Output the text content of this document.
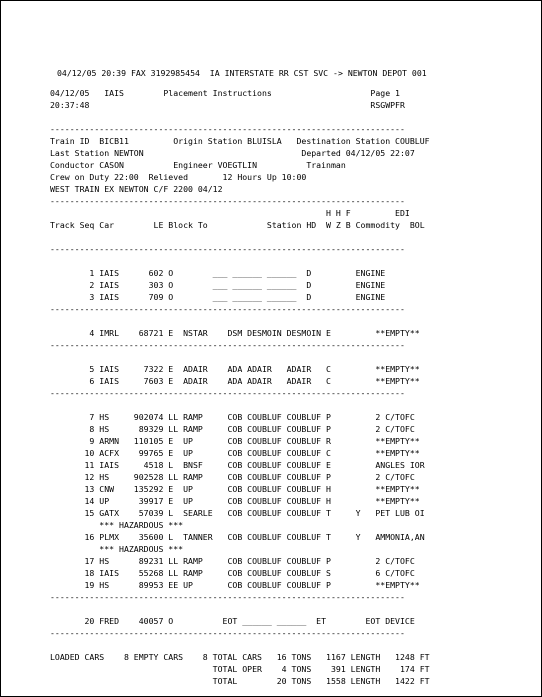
04/12/05 20:39 FAX 3192985454  IA INTERSTATE RR CST SVC -> NEWTON DEPOT 001
04/12/05   IAIS        Placement Instructions                    Page 1
20:37:48                                                         RSGWPFR
------------------------------------------------------------------------
Train ID  BICB11         Origin Station BLUISLA   Destination Station COUBLUF
Last Station NEWTON                                Departed 04/12/05 22:07
Conductor CASON          Engineer VOEGTLIN          Trainman
Crew on Duty 22:00  Relieved       12 Hours Up 10:00
WEST TRAIN EX NEWTON C/F 2200 04/12
------------------------------------------------------------------------
H H F         EDI
Track Seq Car        LE Block To            Station HD  W Z B Commodity  BOL
------------------------------------------------------------------------
1 IAIS      602 O        ___ ______ ______  D         ENGINE
2 IAIS      303 O        ___ ______ ______  D         ENGINE
3 IAIS      709 O        ___ ______ ______  D         ENGINE
------------------------------------------------------------------------
4 IMRL    68721 E  NSTAR    DSM DESMOIN DESMOIN E         **EMPTY**
------------------------------------------------------------------------
5 IAIS     7322 E  ADAIR    ADA ADAIR   ADAIR   C         **EMPTY**
6 IAIS     7603 E  ADAIR    ADA ADAIR   ADAIR   C         **EMPTY**
------------------------------------------------------------------------
7 HS     902074 LL RAMP     COB COUBLUF COUBLUF P         2 C/TOFC
8 HS      89329 LL RAMP     COB COUBLUF COUBLUF P         2 C/TOFC
9 ARMN   110105 E  UP       COB COUBLUF COUBLUF R         **EMPTY**
10 ACFX    99765 E  UP       COB COUBLUF COUBLUF C         **EMPTY**
11 IAIS     4518 L  BNSF     COB COUBLUF COUBLUF E         ANGLES IOR
12 HS     902528 LL RAMP     COB COUBLUF COUBLUF P         2 C/TOFC
13 CNW    135292 E  UP       COB COUBLUF COUBLUF H         **EMPTY**
14 UP      39917 E  UP       COB COUBLUF COUBLUF H         **EMPTY**
15 GATX    57039 L  SEARLE   COB COUBLUF COUBLUF T     Y   PET LUB OI
*** HAZARDOUS ***
16 PLMX    35600 L  TANNER   COB COUBLUF COUBLUF T     Y   AMMONIA,AN
*** HAZARDOUS ***
17 HS      89231 LL RAMP     COB COUBLUF COUBLUF P         2 C/TOFC
18 IAIS    55268 LL RAMP     COB COUBLUF COUBLUF S         6 C/TOFC
19 HS      89953 EE UP       COB COUBLUF COUBLUF P         **EMPTY**
------------------------------------------------------------------------
20 FRED    40057 O          EOT ______ ______  ET        EOT DEVICE
------------------------------------------------------------------------
LOADED CARS    8 EMPTY CARS    8 TOTAL CARS   16 TONS   1167 LENGTH   1248 FT
TOTAL OPER    4 TONS    391 LENGTH    174 FT
TOTAL        20 TONS   1558 LENGTH   1422 FT
